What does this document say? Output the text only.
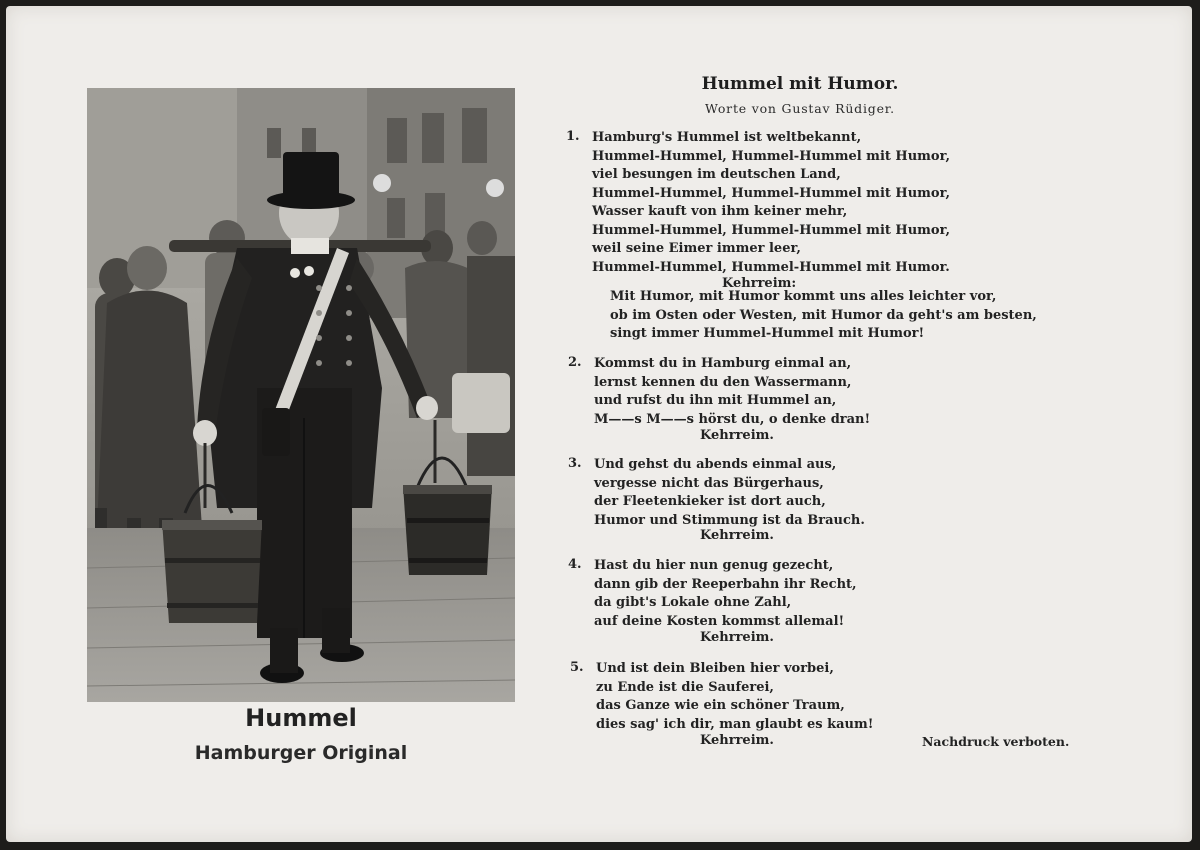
Hummel
Hamburger Original
Hummel mit Humor.
Worte von Gustav Rüdiger.
1. Hamburg's Hummel ist weltbekannt,
Hummel-Hummel, Hummel-Hummel mit Humor,
viel besungen im deutschen Land,
Hummel-Hummel, Hummel-Hummel mit Humor,
Wasser kauft von ihm keiner mehr,
Hummel-Hummel, Hummel-Hummel mit Humor,
weil seine Eimer immer leer,
Hummel-Hummel, Hummel-Hummel mit Humor.
Kehrreim:
Mit Humor, mit Humor kommt uns alles leichter vor,
ob im Osten oder Westen, mit Humor da geht's am besten,
singt immer Hummel-Hummel mit Humor!
2. Kommst du in Hamburg einmal an,
lernst kennen du den Wassermann,
und rufst du ihn mit Hummel an,
M——s M——s hörst du, o denke dran!
Kehrreim.
3. Und gehst du abends einmal aus,
vergesse nicht das Bürgerhaus,
der Fleetenkieker ist dort auch,
Humor und Stimmung ist da Brauch.
Kehrreim.
4. Hast du hier nun genug gezecht,
dann gib der Reeperbahn ihr Recht,
da gibt's Lokale ohne Zahl,
auf deine Kosten kommst allemal!
Kehrreim.
5. Und ist dein Bleiben hier vorbei,
zu Ende ist die Sauferei,
das Ganze wie ein schöner Traum,
dies sag' ich dir, man glaubt es kaum!
Kehrreim.	Nachdruck verboten.
